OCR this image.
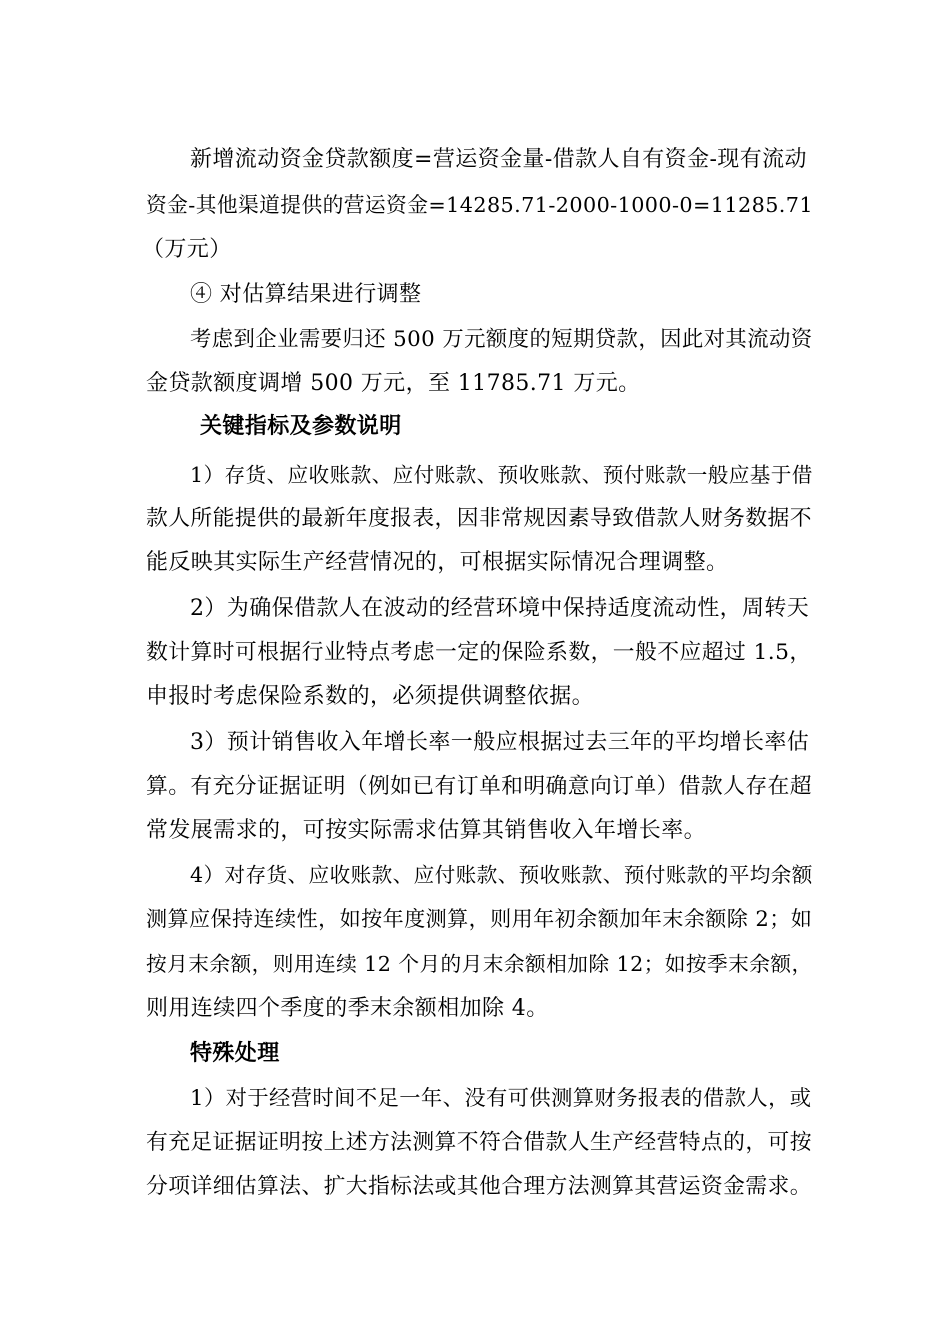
新增流动资金贷款额度=营运资金量-借款人自有资金-现有流动
资金-其他渠道提供的营运资金=14285.71-2000-1000-0=11285.71
（万元）
④ 对估算结果进行调整
考虑到企业需要归还 500 万元额度的短期贷款，因此对其流动资
金贷款额度调增 500 万元，至 11785.71 万元。
关键指标及参数说明
1）存货、应收账款、应付账款、预收账款、预付账款一般应基于借
款人所能提供的最新年度报表，因非常规因素导致借款人财务数据不
能反映其实际生产经营情况的，可根据实际情况合理调整。
2）为确保借款人在波动的经营环境中保持适度流动性，周转天
数计算时可根据行业特点考虑一定的保险系数，一般不应超过 1.5，
申报时考虑保险系数的，必须提供调整依据。
3）预计销售收入年增长率一般应根据过去三年的平均增长率估
算。有充分证据证明（例如已有订单和明确意向订单）借款人存在超
常发展需求的，可按实际需求估算其销售收入年增长率。
4）对存货、应收账款、应付账款、预收账款、预付账款的平均余额
测算应保持连续性，如按年度测算，则用年初余额加年末余额除 2；如
按月末余额，则用连续 12 个月的月末余额相加除 12；如按季末余额，
则用连续四个季度的季末余额相加除 4。
特殊处理
1）对于经营时间不足一年、没有可供测算财务报表的借款人，或
有充足证据证明按上述方法测算不符合借款人生产经营特点的，可按
分项详细估算法、扩大指标法或其他合理方法测算其营运资金需求。
